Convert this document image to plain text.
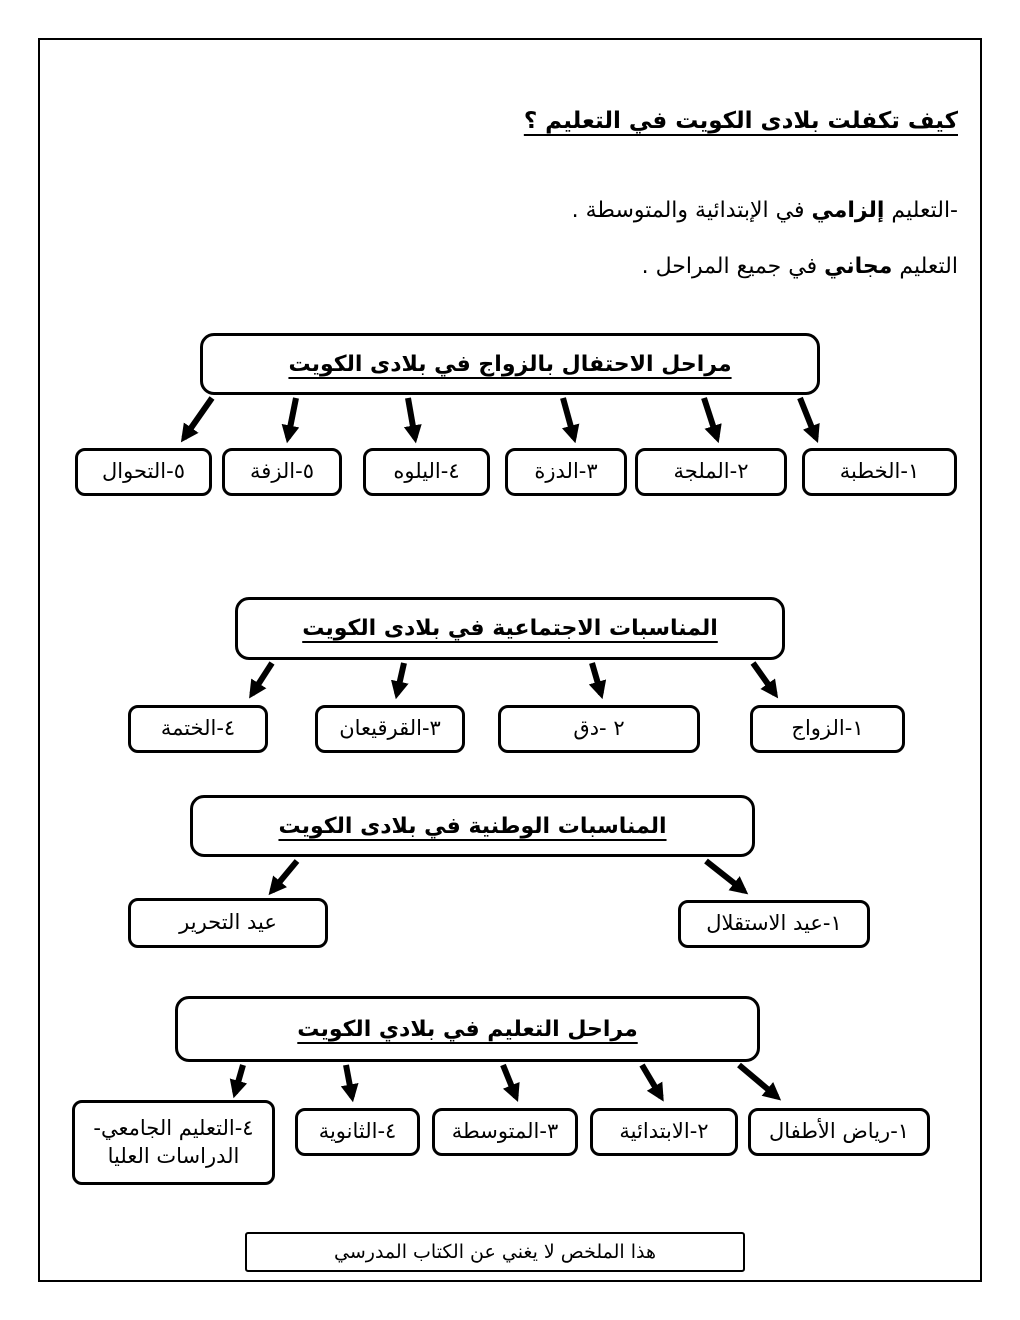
كيف تكفلت بلادى الكويت في التعليم ؟

-التعليم إلزامي في الإبتدائية والمتوسطة .

التعليم مجاني في جميع المراحل .

مراحل الاحتفال بالزواج في بلادى الكويت
١-الخطبة
٢-الملجة
٣-الدزة
٤-اليلوه
٥-الزفة
٥-التحوال
المناسبات الاجتماعية في بلادى الكويت
١-الزواج
٢ -دق
٣-القرقيعان
٤-الختمة
المناسبات الوطنية في بلادى الكويت
١-عيد الاستقلال
عيد التحرير
مراحل التعليم في بلادي الكويت
١-رياض الأطفال
٢-الابتدائية
٣-المتوسطة
٤-الثانوية
٤-التعليم الجامعي- الدراسات العليا
هذا الملخص لا يغني عن الكتاب المدرسي
